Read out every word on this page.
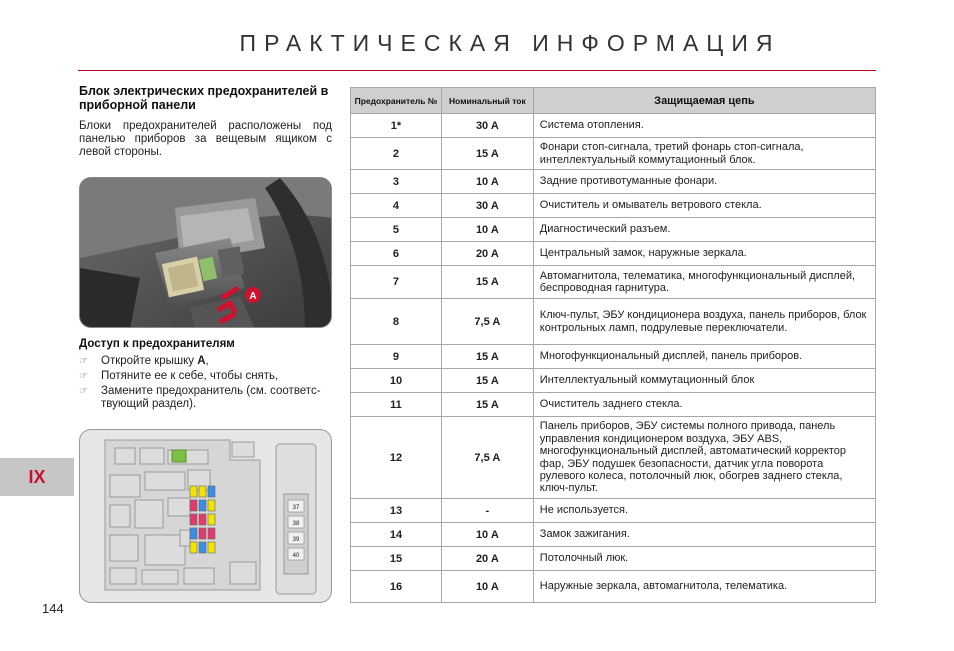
ПРАКТИЧЕСКАЯ ИНФОРМАЦИЯ
IX
144
Блок электрических предохранителей в приборной панели
Блоки предохранителей расположены под панелью приборов за вещевым ящиком с левой стороны.
A
Доступ к предохранителям
☞ Откройте крышку A,
☞ Потяните ее к себе, чтобы снять,
☞ Замените предохранитель (см. соответс-твующий раздел).
37
38
39
40
Предохранитель №	Номинальный ток	Защищаемая цепь
1*	30 A	Система отопления.
2	15 A	Фонари стоп-сигнала, третий фонарь стоп-сигнала, интеллектуальный коммутационный блок.
3	10 A	Задние противотуманные фонари.
4	30 A	Очиститель и омыватель ветрового стекла.
5	10 A	Диагностический разъем.
6	20 A	Центральный замок, наружные зеркала.
7	15 A	Автомагнитола, телематика, многофункциональный дисплей, беспроводная гарнитура.
8	7,5 A	Ключ-пульт, ЭБУ кондиционера воздуха, панель приборов, блок контрольных ламп, подрулевые переключатели.
9	15 A	Многофункциональный дисплей, панель приборов.
10	15 A	Интеллектуальный коммутационный блок
11	15 A	Очиститель заднего стекла.
12	7,5 A	Панель приборов, ЭБУ системы полного привода, панель управления кондиционером воздуха, ЭБУ ABS, многофункциональный дисплей, автоматический корректор фар, ЭБУ подушек безопасности, датчик угла поворота рулевого колеса, потолочный люк, обогрев заднего стекла, ключ-пульт.
13	-	Не используется.
14	10 A	Замок зажигания.
15	20 A	Потолочный люк.
16	10 A	Наружные зеркала, автомагнитола, телематика.
